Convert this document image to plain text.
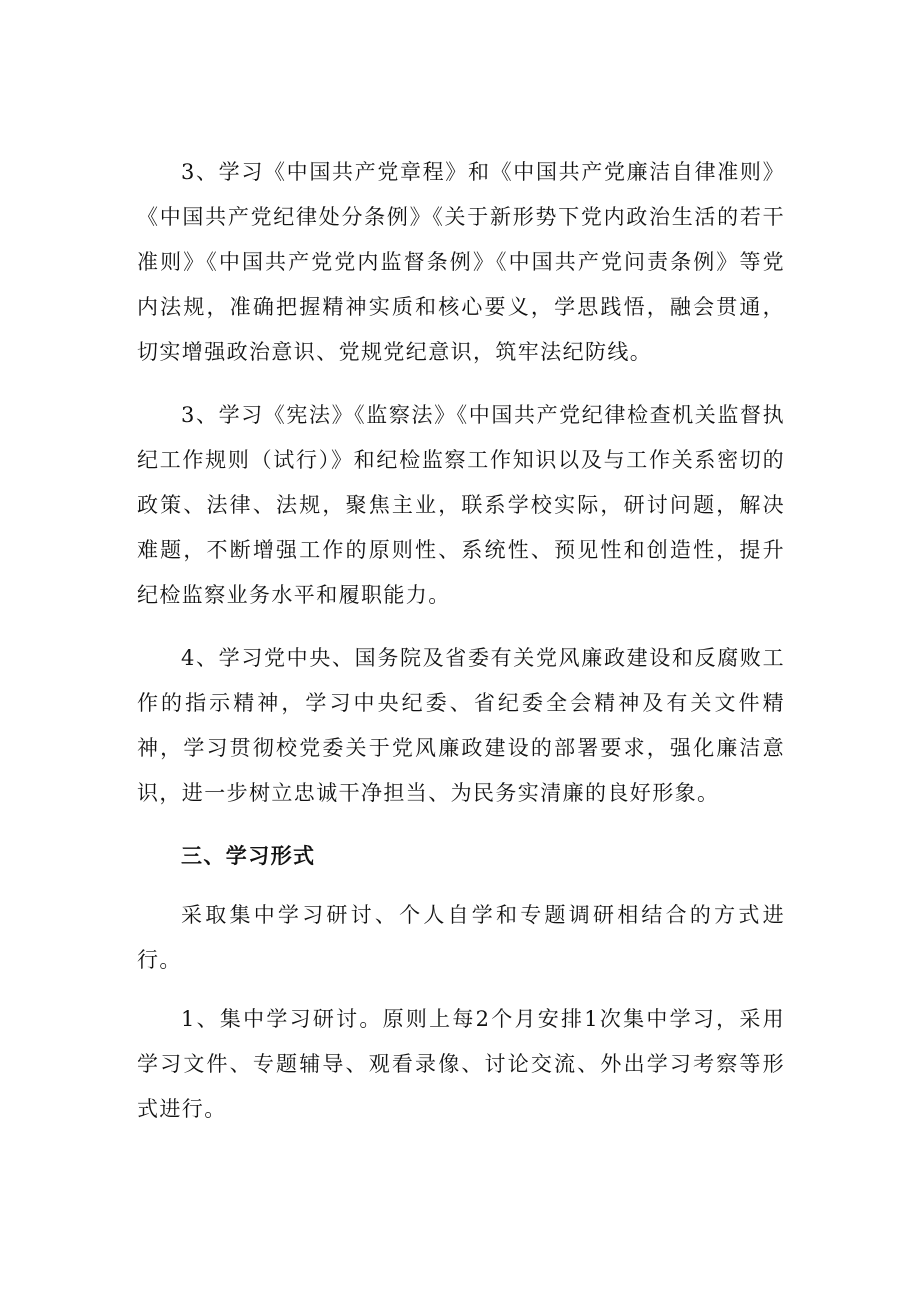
3、学习《中国共产党章程》和《中国共产党廉洁自律准则》《中国共产党纪律处分条例》《关于新形势下党内政治生活的若干准则》《中国共产党党内监督条例》《中国共产党问责条例》等党内法规，准确把握精神实质和核心要义，学思践悟，融会贯通，切实增强政治意识、党规党纪意识，筑牢法纪防线。

3、学习《宪法》《监察法》《中国共产党纪律检查机关监督执纪工作规则（试行）》和纪检监察工作知识以及与工作关系密切的政策、法律、法规，聚焦主业，联系学校实际，研讨问题，解决难题，不断增强工作的原则性、系统性、预见性和创造性，提升纪检监察业务水平和履职能力。

4、学习党中央、国务院及省委有关党风廉政建设和反腐败工作的指示精神，学习中央纪委、省纪委全会精神及有关文件精神，学习贯彻校党委关于党风廉政建设的部署要求，强化廉洁意识，进一步树立忠诚干净担当、为民务实清廉的良好形象。

三、学习形式

采取集中学习研讨、个人自学和专题调研相结合的方式进行。

1、集中学习研讨。原则上每2个月安排1次集中学习，采用学习文件、专题辅导、观看录像、讨论交流、外出学习考察等形式进行。
